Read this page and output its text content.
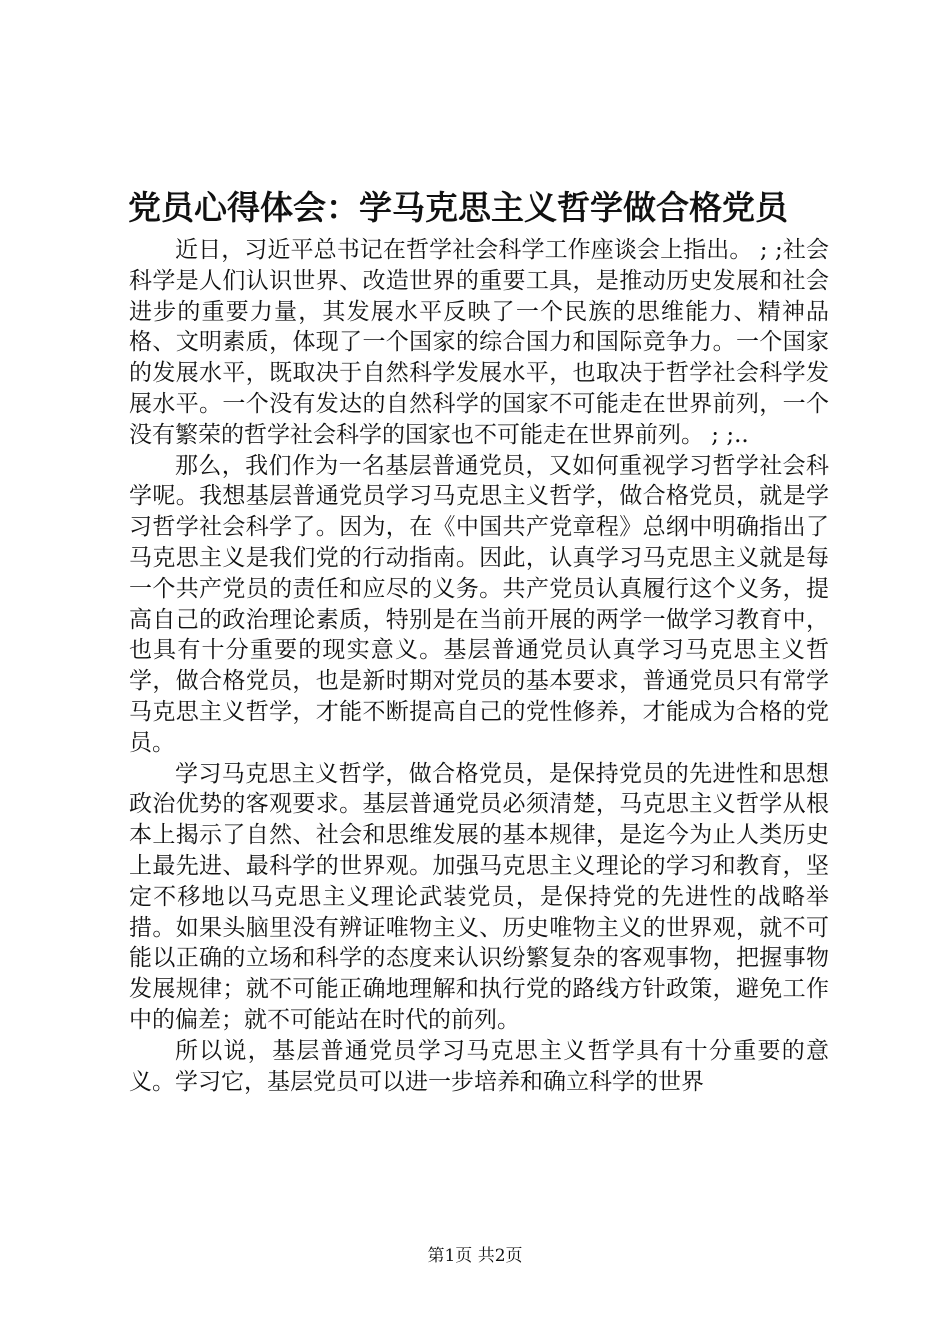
党员心得体会：学马克思主义哲学做合格党员

近日，习近平总书记在哲学社会科学工作座谈会上指出。 ; ;社会科学是人们认识世界、改造世界的重要工具，是推动历史发展和社会进步的重要力量，其发展水平反映了一个民族的思维能力、精神品格、文明素质，体现了一个国家的综合国力和国际竞争力。一个国家的发展水平，既取决于自然科学发展水平，也取决于哲学社会科学发展水平。一个没有发达的自然科学的国家不可能走在世界前列，一个没有繁荣的哲学社会科学的国家也不可能走在世界前列。 ; ;..

那么，我们作为一名基层普通党员，又如何重视学习哲学社会科学呢。我想基层普通党员学习马克思主义哲学，做合格党员，就是学习哲学社会科学了。因为，在《中国共产党章程》总纲中明确指出了马克思主义是我们党的行动指南。因此，认真学习马克思主义就是每一个共产党员的责任和应尽的义务。共产党员认真履行这个义务，提高自己的政治理论素质，特别是在当前开展的两学一做学习教育中，也具有十分重要的现实意义。基层普通党员认真学习马克思主义哲学，做合格党员，也是新时期对党员的基本要求，普通党员只有常学马克思主义哲学，才能不断提高自己的党性修养，才能成为合格的党员。

学习马克思主义哲学，做合格党员，是保持党员的先进性和思想政治优势的客观要求。基层普通党员必须清楚，马克思主义哲学从根本上揭示了自然、社会和思维发展的基本规律，是迄今为止人类历史上最先进、最科学的世界观。加强马克思主义理论的学习和教育，坚定不移地以马克思主义理论武装党员，是保持党的先进性的战略举措。如果头脑里没有辨证唯物主义、历史唯物主义的世界观，就不可能以正确的立场和科学的态度来认识纷繁复杂的客观事物，把握事物发展规律；就不可能正确地理解和执行党的路线方针政策，避免工作中的偏差；就不可能站在时代的前列。

所以说，基层普通党员学习马克思主义哲学具有十分重要的意义。学习它，基层党员可以进一步培养和确立科学的世界

第1页 共2页
